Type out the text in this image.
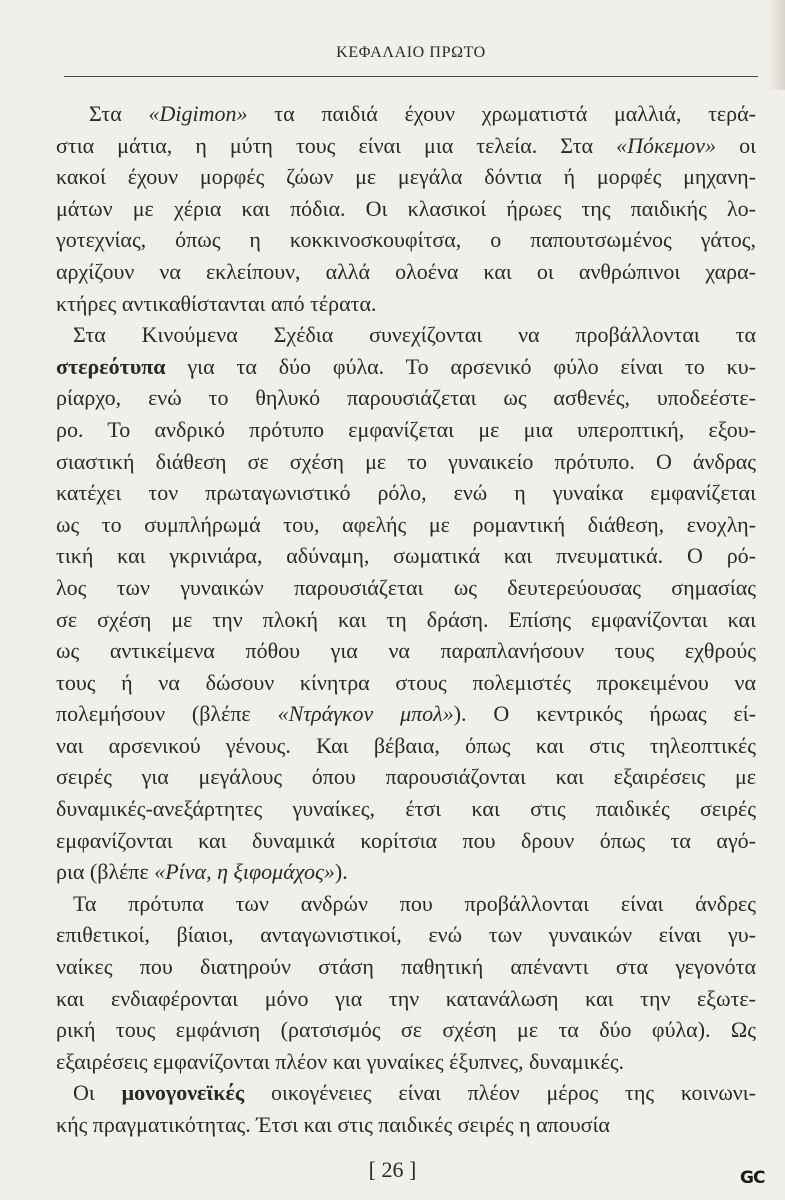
ΚΕΦΑΛΑΙΟ ΠΡΩΤΟ
Στα «Digimon» τα παιδιά έχουν χρωματιστά μαλλιά, τερά-
στια μάτια, η μύτη τους είναι μια τελεία. Στα «Πόκεμον» οι
κακοί έχουν μορφές ζώων με μεγάλα δόντια ή μορφές μηχανη-
μάτων με χέρια και πόδια. Οι κλασικοί ήρωες της παιδικής λο-
γοτεχνίας, όπως η κοκκινοσκουφίτσα, ο παπουτσωμένος γάτος,
αρχίζουν να εκλείπουν, αλλά ολοένα και οι ανθρώπινοι χαρα-
κτήρες αντικαθίστανται από τέρατα.
Στα Κινούμενα Σχέδια συνεχίζονται να προβάλλονται τα
στερεότυπα για τα δύο φύλα. Το αρσενικό φύλο είναι το κυ-
ρίαρχο, ενώ το θηλυκό παρουσιάζεται ως ασθενές, υποδεέστε-
ρο. Το ανδρικό πρότυπο εμφανίζεται με μια υπεροπτική, εξου-
σιαστική διάθεση σε σχέση με το γυναικείο πρότυπο. Ο άνδρας
κατέχει τον πρωταγωνιστικό ρόλο, ενώ η γυναίκα εμφανίζεται
ως το συμπλήρωμά του, αφελής με ρομαντική διάθεση, ενοχλη-
τική και γκρινιάρα, αδύναμη, σωματικά και πνευματικά. Ο ρό-
λος των γυναικών παρουσιάζεται ως δευτερεύουσας σημασίας
σε σχέση με την πλοκή και τη δράση. Επίσης εμφανίζονται και
ως αντικείμενα πόθου για να παραπλανήσουν τους εχθρούς
τους ή να δώσουν κίνητρα στους πολεμιστές προκειμένου να
πολεμήσουν (βλέπε «Ντράγκον μπολ»). Ο κεντρικός ήρωας εί-
ναι αρσενικού γένους. Και βέβαια, όπως και στις τηλεοπτικές
σειρές για μεγάλους όπου παρουσιάζονται και εξαιρέσεις με
δυναμικές-ανεξάρτητες γυναίκες, έτσι και στις παιδικές σειρές
εμφανίζονται και δυναμικά κορίτσια που δρουν όπως τα αγό-
ρια (βλέπε «Ρίνα, η ξιφομάχος»).
Τα πρότυπα των ανδρών που προβάλλονται είναι άνδρες
επιθετικοί, βίαιοι, ανταγωνιστικοί, ενώ των γυναικών είναι γυ-
ναίκες που διατηρούν στάση παθητική απέναντι στα γεγονότα
και ενδιαφέρονται μόνο για την κατανάλωση και την εξωτε-
ρική τους εμφάνιση (ρατσισμός σε σχέση με τα δύο φύλα). Ως
εξαιρέσεις εμφανίζονται πλέον και γυναίκες έξυπνες, δυναμικές.
Οι μονογονεϊκές οικογένειες είναι πλέον μέρος της κοινωνι-
κής πραγματικότητας. Έτσι και στις παιδικές σειρές η απουσία
[ 26 ]	GC
